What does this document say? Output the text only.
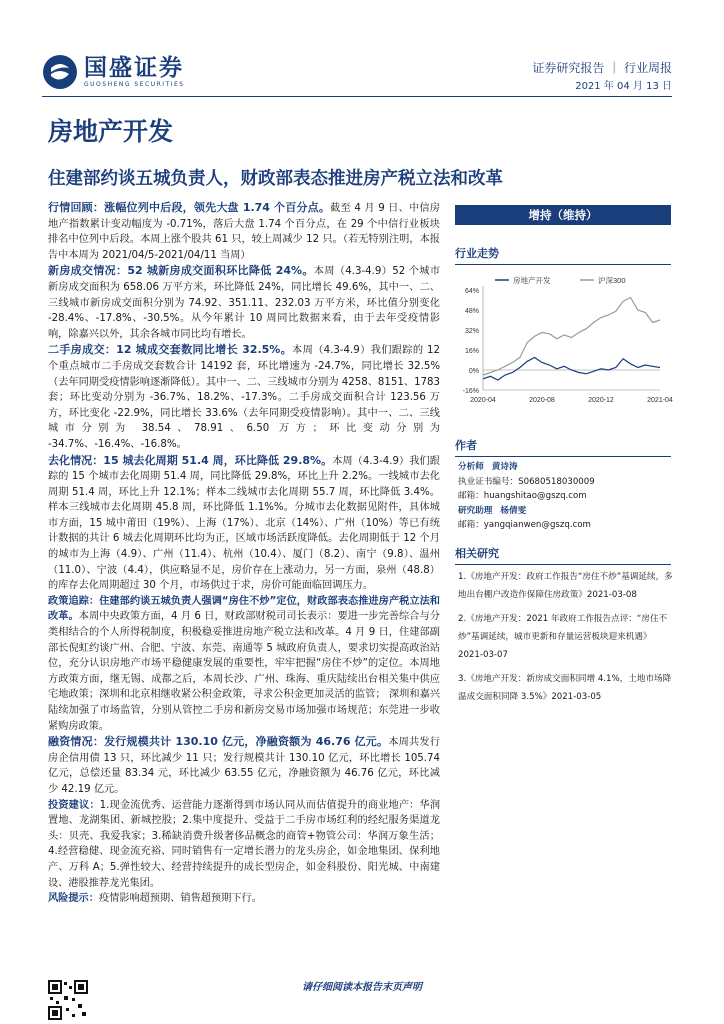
国盛证券
GUOSHENG SECURITIES
证券研究报告 ｜ 行业周报
2021 年 04 月 13 日
房地产开发
住建部约谈五城负责人，财政部表态推进房产税立法和改革

行情回顾：涨幅位列中后段，领先大盘 1.74 个百分点。截至 4 月 9 日、中信房地产指数累计变动幅度为 -0.71%，落后大盘 1.74 个百分点，在 29 个中信行业板块排名中位列中后段。本周上涨个股共 61 只，较上周减少 12 只。（若无特别注明，本报告中本周为 2021/04/5-2021/04/11 当周）

新房成交情况：52 城新房成交面积环比降低 24%。本周（4.3-4.9）52 个城市新房成交面积为 658.06 万平方米，环比降低 24%，同比增长 49.6%，其中一、二、三线城市新房成交面积分别为 74.92、351.11、232.03 万平方米，环比值分别变化 -28.4%、-17.8%、-30.5%。从今年累计 10 周同比数据来看，由于去年受疫情影响，除嘉兴以外，其余各城市同比均有增长。

二手房成交：12 城成交套数同比增长 32.5%。本周（4.3-4.9）我们跟踪的 12 个重点城市二手房成交套数合计 14192 套，环比增速为 -24.7%，同比增长 32.5%（去年同期受疫情影响逐渐降低）。其中一、二、三线城市分别为 4258、8151、1783 套；环比变动分别为 -36.7%、18.2%、-17.3%。二手房成交面积合计 123.56 万方，环比变化 -22.9%，同比增长 33.6%（去年同期受疫情影响）。其中一、二、三线城市分别为 38.54、78.91、6.50 万方；环比变动分别为 -34.7%、-16.4%、-16.8%。

去化情况：15 城去化周期 51.4 周，环比降低 29.8%。本周（4.3-4.9）我们跟踪的 15 个城市去化周期 51.4 周，同比降低 29.8%，环比上升 2.2%。一线城市去化周期 51.4 周，环比上升 12.1%；样本二线城市去化周期 55.7 周，环比降低 3.4%。样本三线城市去化周期 45.8 周，环比降低 1.1%%。分城市去化数据见附件，具体城市方面，15 城中莆田（19%）、上海（17%）、北京（14%）、广州（10%）等已有统计数据的共计 6 城去化周期环比均为正，区域市场活跃度降低。去化周期低于 12 个月的城市为上海（4.9）、广州（11.4）、杭州（10.4）、厦门（8.2）、南宁（9.8）、温州（11.0）、宁波（4.4），供应略显不足，房价存在上涨动力，另一方面，泉州（48.8）的库存去化周期超过 30 个月，市场供过于求，房价可能面临回调压力。

政策追踪：住建部约谈五城负责人强调“房住不炒”定位，财政部表态推进房产税立法和改革。本周中央政策方面，4 月 6 日，财政部财税司司长表示：要进一步完善综合与分类相结合的个人所得税制度，积极稳妥推进房地产税立法和改革。4 月 9 日，住建部副部长倪虹约谈广州、合肥、宁波、东莞、南通等 5 城政府负责人，要求切实提高政治站位，充分认识房地产市场平稳健康发展的重要性，牢牢把握“房住不炒”的定位。本周地方政策方面，继无锡、成都之后，本周长沙、广州、珠海、重庆陆续出台相关集中供应宅地政策；深圳和北京相继收紧公积金政策，寻求公积金更加灵活的监管； 深圳和嘉兴陆续加强了市场监管，分别从管控二手房和新房交易市场加强市场规范；东莞进一步收紧购房政策。

融资情况：发行规模共计 130.10 亿元，净融资额为 46.76 亿元。本周共发行房企信用债 13 只，环比减少 11 只；发行规模共计 130.10 亿元，环比增长 105.74 亿元，总偿还量 83.34 元，环比减少 63.55 亿元，净融资额为 46.76 亿元，环比减少 42.19 亿元。

投资建议：1.现金流优秀、运营能力逐渐得到市场认同从而估值提升的商业地产：华润置地、龙湖集团、新城控股；2.集中度提升、受益于二手房市场红利的经纪服务渠道龙头：贝壳、我爱我家；3.稀缺消费升级奢侈品概念的商管+物管公司：华润万象生活；4.经营稳健、现金流充裕、同时销售有一定增长潜力的龙头房企，如金地集团、保利地产、万科 A；5.弹性较大、经营持续提升的成长型房企，如金科股份、阳光城、中南建设、港股推荐龙光集团。

风险提示：疫情影响超预期、销售超预期下行。

增持（维持）
行业走势
64%
48%
32%
16%
0%
-16%
2020-04	2020-08	2020-12	2021-04
房地产开发	沪深300
作者
分析师 黄诗涛
执业证书编号：S0680518030009
邮箱：huangshitao@gszq.com
研究助理 杨倩雯
邮箱：yangqianwen@gszq.com
相关研究
1.《房地产开发：政府工作报告“房住不炒”基调延续，多地出台棚户改造作保障住房政策》2021-03-08
2.《房地产开发：2021 年政府工作报告点评：“房住不炒”基调延续，城市更新和存量运营板块迎来机遇》2021-03-07
3.《房地产开发：新房成交面积同增 4.1%，土地市场降温成交面积同降 3.5%》2021-03-05
请仔细阅读本报告末页声明
